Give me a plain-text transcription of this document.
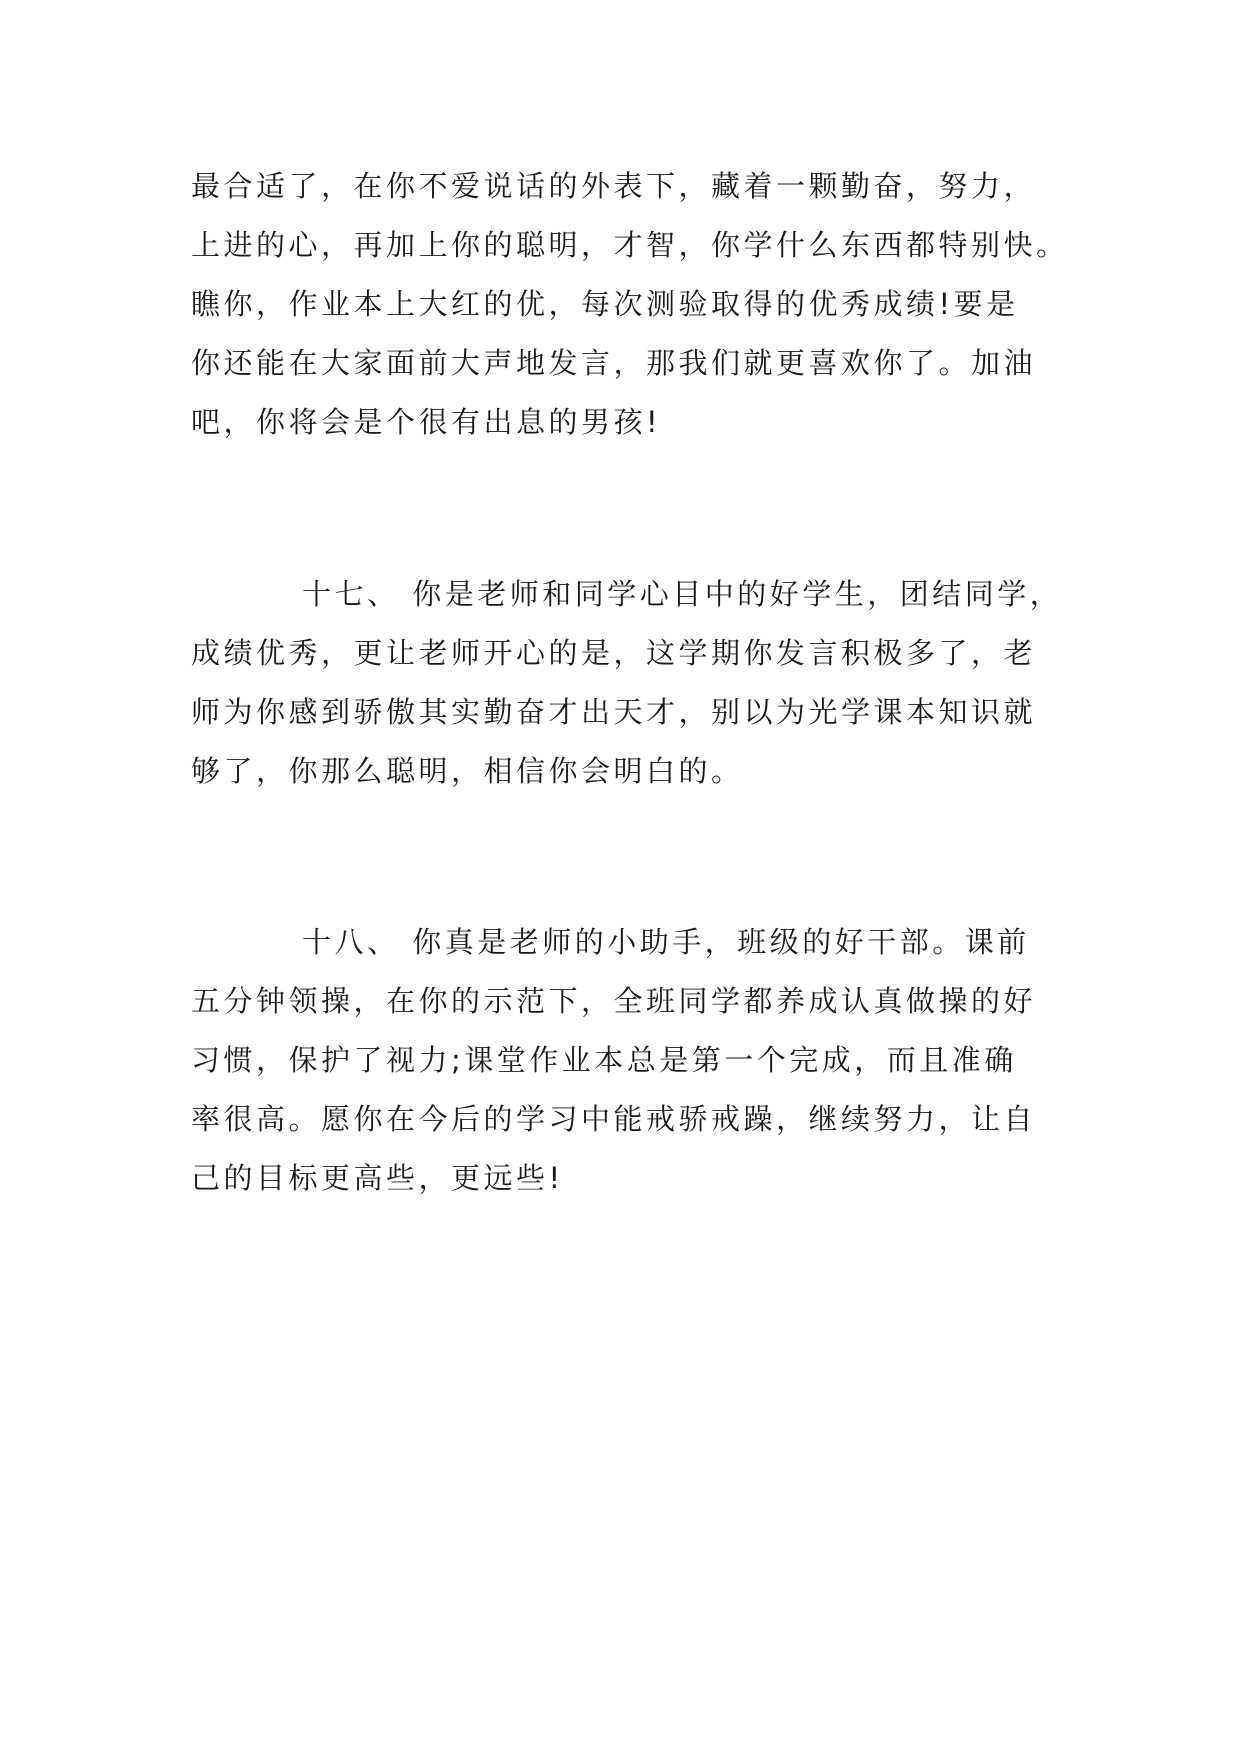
最合适了，在你不爱说话的外表下，藏着一颗勤奋，努力，
上进的心，再加上你的聪明，才智，你学什么东西都特别快。
瞧你，作业本上大红的优，每次测验取得的优秀成绩!要是
你还能在大家面前大声地发言，那我们就更喜欢你了。加油
吧，你将会是个很有出息的男孩!
十七、 你是老师和同学心目中的好学生，团结同学，
成绩优秀，更让老师开心的是，这学期你发言积极多了，老
师为你感到骄傲其实勤奋才出天才，别以为光学课本知识就
够了，你那么聪明，相信你会明白的。
十八、 你真是老师的小助手，班级的好干部。课前
五分钟领操，在你的示范下，全班同学都养成认真做操的好
习惯，保护了视力;课堂作业本总是第一个完成，而且准确
率很高。愿你在今后的学习中能戒骄戒躁，继续努力，让自
己的目标更高些，更远些!
